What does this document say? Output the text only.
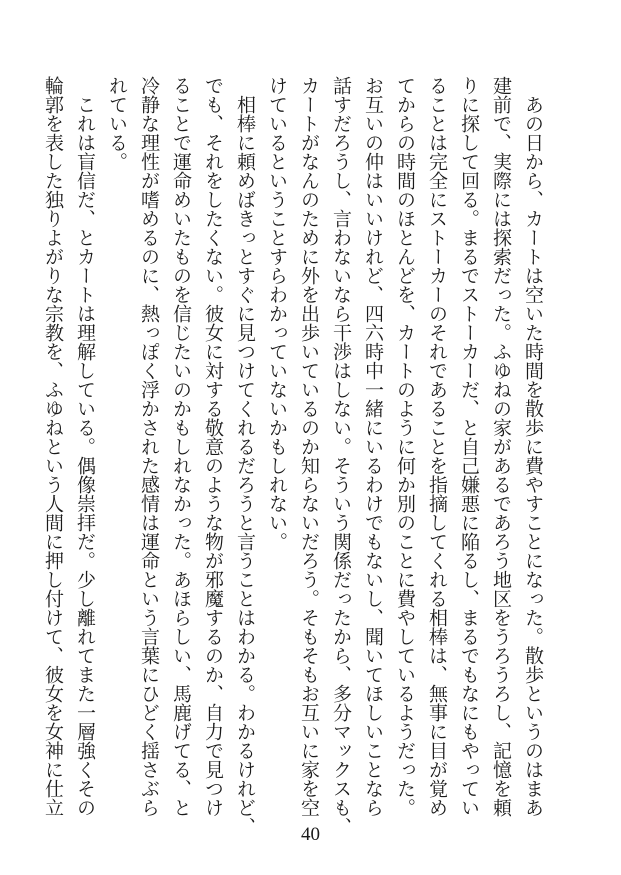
　あの日から、カートは空いた時間を散歩に費やすことになった。散歩というのはまあ
建前で、実際には探索だった。ふゆねの家があるであろう地区をうろうろし、記憶を頼
りに探して回る。まるでストーカーだ、と自己嫌悪に陥るし、まるでもなにもやってい
ることは完全にストーカーのそれであることを指摘してくれる相棒は、無事に目が覚め
てからの時間のほとんどを、カートのように何か別のことに費やしているようだった。
お互いの仲はいいけれど、四六時中一緒にいるわけでもないし、聞いてほしいことなら
話すだろうし、言わないなら干渉はしない。そういう関係だったから、多分マックスも、
カートがなんのために外を出歩いているのか知らないだろう。そもそもお互いに家を空
けているということすらわかっていないかもしれない。
　相棒に頼めばきっとすぐに見つけてくれるだろうと言うことはわかる。わかるけれど、
でも、それをしたくない。彼女に対する敬意のような物が邪魔するのか、自力で見つけ
ることで運命めいたものを信じたいのかもしれなかった。あほらしい、馬鹿げてる、と
冷静な理性が嗜めるのに、熱っぽく浮かされた感情は運命という言葉にひどく揺さぶら
れている。
　これは盲信だ、とカートは理解している。偶像崇拝だ。少し離れてまた一層強くその
輪郭を表した独りよがりな宗教を、ふゆねという人間に押し付けて、彼女を女神に仕立
40
